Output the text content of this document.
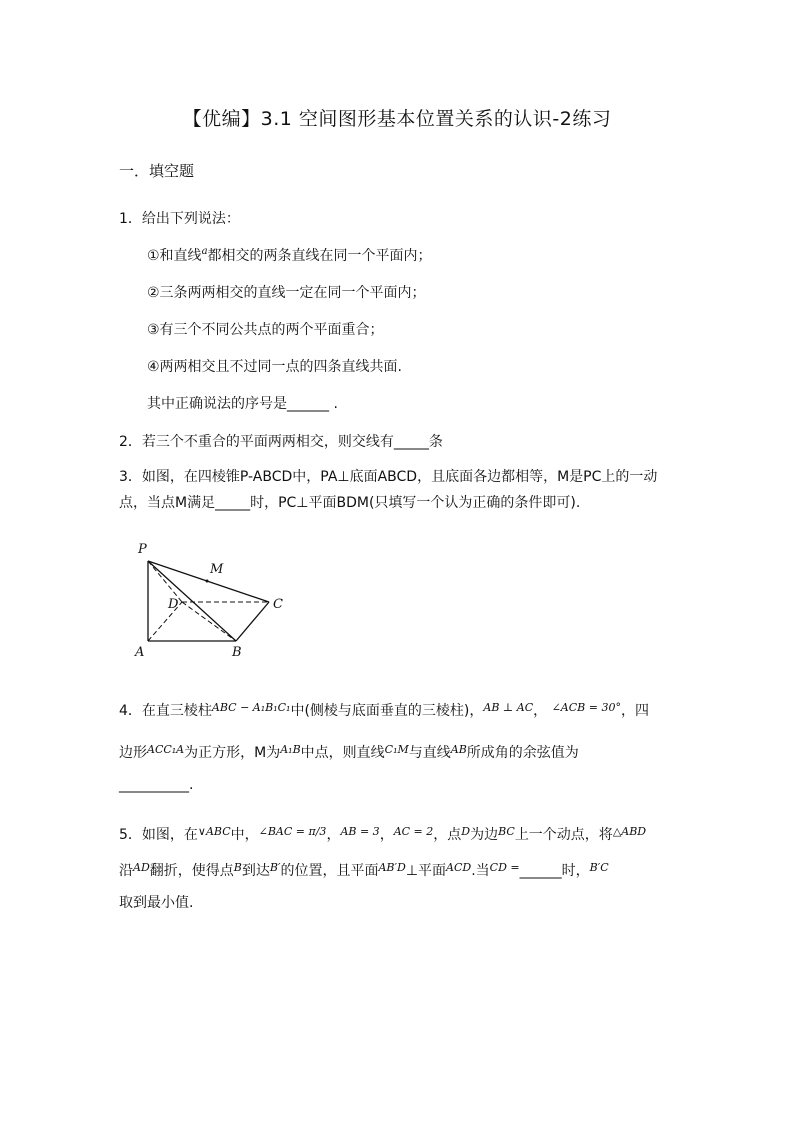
【优编】3.1 空间图形基本位置关系的认识-2练习
一．填空题
1．给出下列说法：
①和直线$^a$都相交的两条直线在同一个平面内；
②三条两两相交的直线一定在同一个平面内；
③有三个不同公共点的两个平面重合；
④两两相交且不过同一点的四条直线共面.
其中正确说法的序号是______ .
2．若三个不重合的平面两两相交，则交线有_____条
3．如图，在四棱锥P-ABCD中，PA⊥底面ABCD，且底面各边都相等，M是PC上的一动
点，当点M满足_____时，PC⊥平面BDM(只填写一个认为正确的条件即可).
P
M
D	C
A	B
4．在直三棱柱$^{ABC - A_1B_1C_1}$中(侧棱与底面垂直的三棱柱)，$^{AB \perp AC}$， $^{\angle ACB = 30^\circ}$，四
边形$^{ACC_1A}$为正方形，M为$^{A_1B}$中点，则直线$^{C_1M}$与直线$^{AB}$所成角的余弦值为
__________.
5．如图，在$^{\vee ABC}$中，$^{\angle BAC = \pi/3}$，$^{AB = 3}$，$^{AC = 2}$，点$^D$为边$^{BC}$上一个动点，将$^{\triangle ABD}$
沿$^{AD}$翻折，使得点$^B$到达$^{B'}$的位置，且平面$^{AB'D}$⊥平面$^{ACD}$.当$^{CD =}$______时，$^{B'C}$
取到最小值.
